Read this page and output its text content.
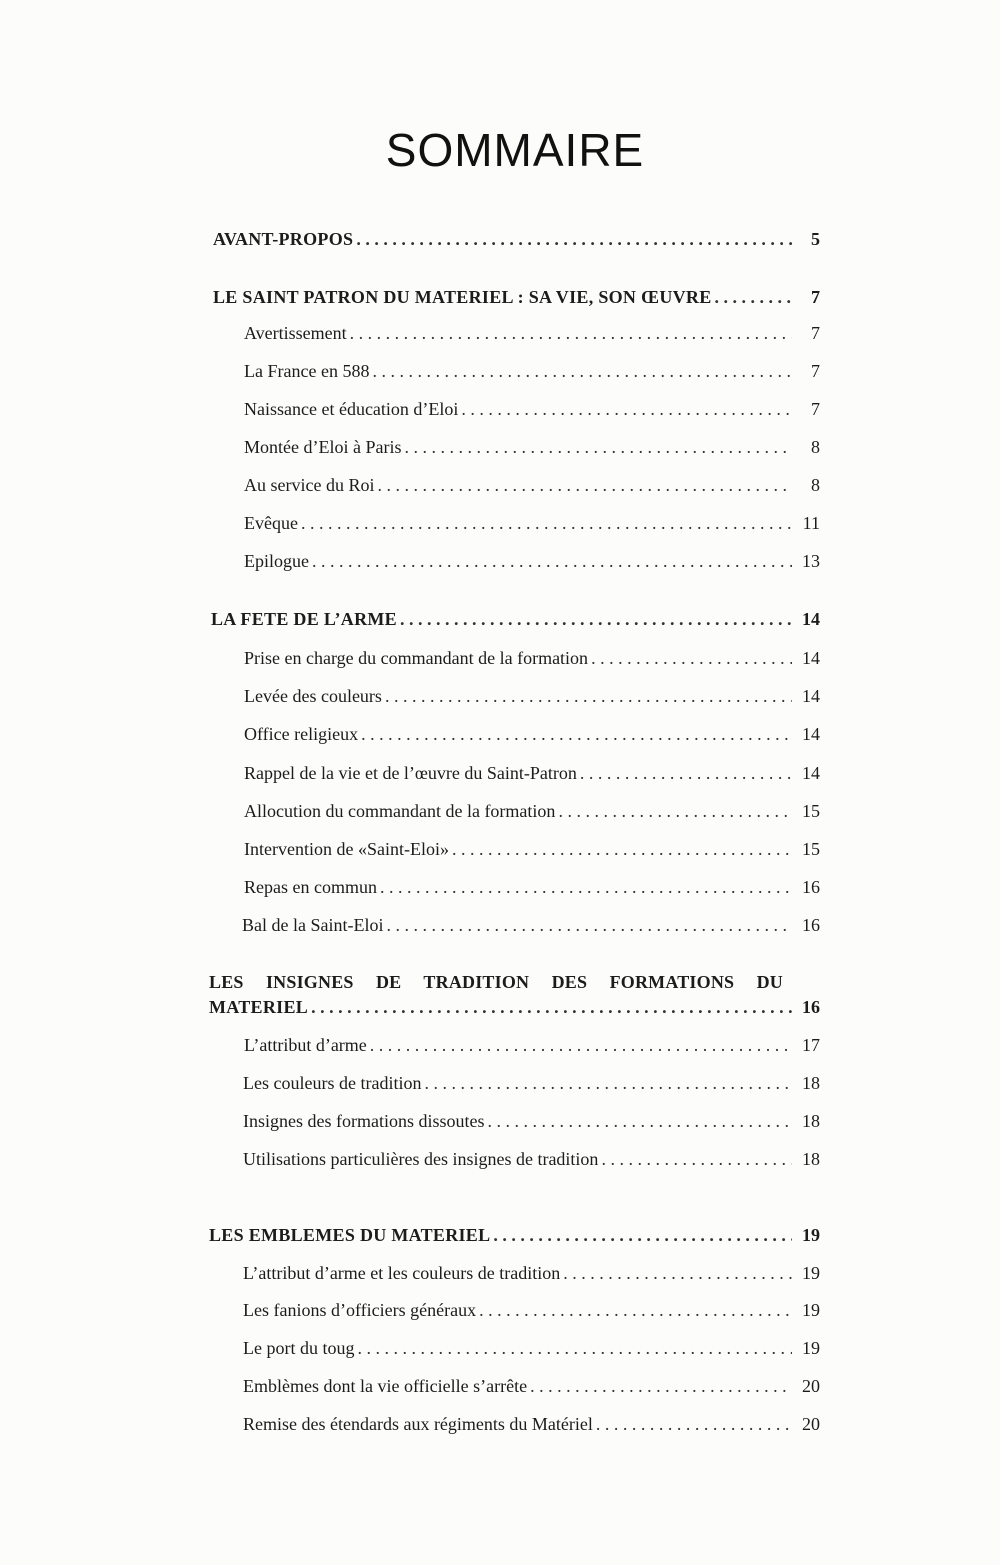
SOMMAIRE
AVANT-PROPOS . . .	5
LE SAINT PATRON DU MATERIEL : SA VIE, SON ŒUVRE . . .	7
Avertissement . . .	7
La France en 588 . . .	7
Naissance et éducation d’Eloi . . .	7
Montée d’Eloi à Paris . . .	8
Au service du Roi . . .	8
Evêque . . .	11
Epilogue . . .	13
LA FETE DE L’ARME . . .	14
Prise en charge du commandant de la formation . . .	14
Levée des couleurs . . .	14
Office religieux . . .	14
Rappel de la vie et de l’œuvre du Saint-Patron . . .	14
Allocution du commandant de la formation . . .	15
Intervention de «Saint-Eloi» . . .	15
Repas en commun . . .	16
Bal de la Saint-Eloi . . .	16
LES INSIGNES DE TRADITION DES FORMATIONS DU
MATERIEL . . .	16
L’attribut d’arme . . .	17
Les couleurs de tradition . . .	18
Insignes des formations dissoutes . . .	18
Utilisations particulières des insignes de tradition . . .	18
LES EMBLEMES DU MATERIEL . . .	19
L’attribut d’arme et les couleurs de tradition . . .	19
Les fanions d’officiers généraux . . .	19
Le port du toug . . .	19
Emblèmes dont la vie officielle s’arrête . . .	20
Remise des étendards aux régiments du Matériel . . .	20
